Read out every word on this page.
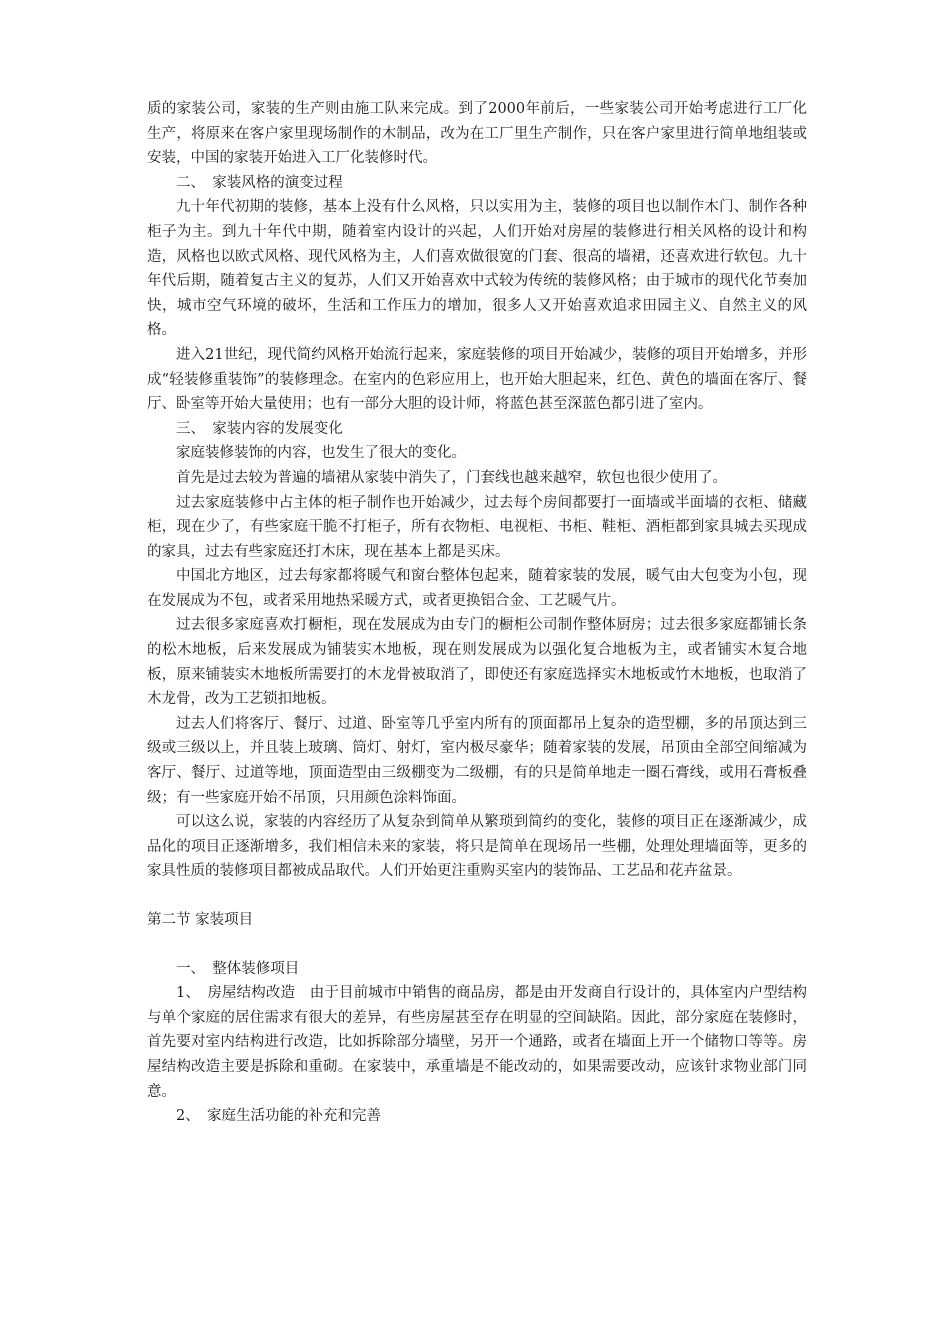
质的家装公司，家装的生产则由施工队来完成。到了2000年前后，一些家装公司开始考虑进行工厂化生产，将原来在客户家里现场制作的木制品，改为在工厂里生产制作，只在客户家里进行简单地组装或安装，中国的家装开始进入工厂化装修时代。

二、　家装风格的演变过程

九十年代初期的装修，基本上没有什么风格，只以实用为主，装修的项目也以制作木门、制作各种柜子为主。到九十年代中期，随着室内设计的兴起，人们开始对房屋的装修进行相关风格的设计和构造，风格也以欧式风格、现代风格为主，人们喜欢做很宽的门套、很高的墙裙，还喜欢进行软包。九十年代后期，随着复古主义的复苏，人们又开始喜欢中式较为传统的装修风格；由于城市的现代化节奏加快，城市空气环境的破坏，生活和工作压力的增加，很多人又开始喜欢追求田园主义、自然主义的风格。

进入21世纪，现代简约风格开始流行起来，家庭装修的项目开始减少，装修的项目开始增多，并形成“轻装修重装饰”的装修理念。在室内的色彩应用上，也开始大胆起来，红色、黄色的墙面在客厅、餐厅、卧室等开始大量使用；也有一部分大胆的设计师，将蓝色甚至深蓝色都引进了室内。

三、　家装内容的发展变化

家庭装修装饰的内容，也发生了很大的变化。

首先是过去较为普遍的墙裙从家装中消失了，门套线也越来越窄，软包也很少使用了。

过去家庭装修中占主体的柜子制作也开始减少，过去每个房间都要打一面墙或半面墙的衣柜、储藏柜，现在少了，有些家庭干脆不打柜子，所有衣物柜、电视柜、书柜、鞋柜、酒柜都到家具城去买现成的家具，过去有些家庭还打木床，现在基本上都是买床。

中国北方地区，过去每家都将暖气和窗台整体包起来，随着家装的发展，暖气由大包变为小包，现在发展成为不包，或者采用地热采暖方式，或者更换铝合金、工艺暖气片。

过去很多家庭喜欢打橱柜，现在发展成为由专门的橱柜公司制作整体厨房；过去很多家庭都铺长条的松木地板，后来发展成为铺装实木地板，现在则发展成为以强化复合地板为主，或者铺实木复合地板，原来铺装实木地板所需要打的木龙骨被取消了，即使还有家庭选择实木地板或竹木地板，也取消了木龙骨，改为工艺锁扣地板。

过去人们将客厅、餐厅、过道、卧室等几乎室内所有的顶面都吊上复杂的造型棚，多的吊顶达到三级或三级以上，并且装上玻璃、筒灯、射灯，室内极尽豪华；随着家装的发展，吊顶由全部空间缩减为客厅、餐厅、过道等地，顶面造型由三级棚变为二级棚，有的只是简单地走一圈石膏线，或用石膏板叠级；有一些家庭开始不吊顶，只用颜色涂料饰面。

可以这么说，家装的内容经历了从复杂到简单从繁琐到简约的变化，装修的项目正在逐渐减少，成品化的项目正逐渐增多，我们相信未来的家装，将只是简单在现场吊一些棚，处理处理墙面等，更多的家具性质的装修项目都被成品取代。人们开始更注重购买室内的装饰品、工艺品和花卉盆景。

第二节 家装项目

一、　整体装修项目

1、　房屋结构改造　由于目前城市中销售的商品房，都是由开发商自行设计的，具体室内户型结构与单个家庭的居住需求有很大的差异，有些房屋甚至存在明显的空间缺陷。因此，部分家庭在装修时，首先要对室内结构进行改造，比如拆除部分墙壁，另开一个通路，或者在墙面上开一个储物口等等。房屋结构改造主要是拆除和重砌。在家装中，承重墙是不能改动的，如果需要改动，应该针求物业部门同意。

2、　家庭生活功能的补充和完善
